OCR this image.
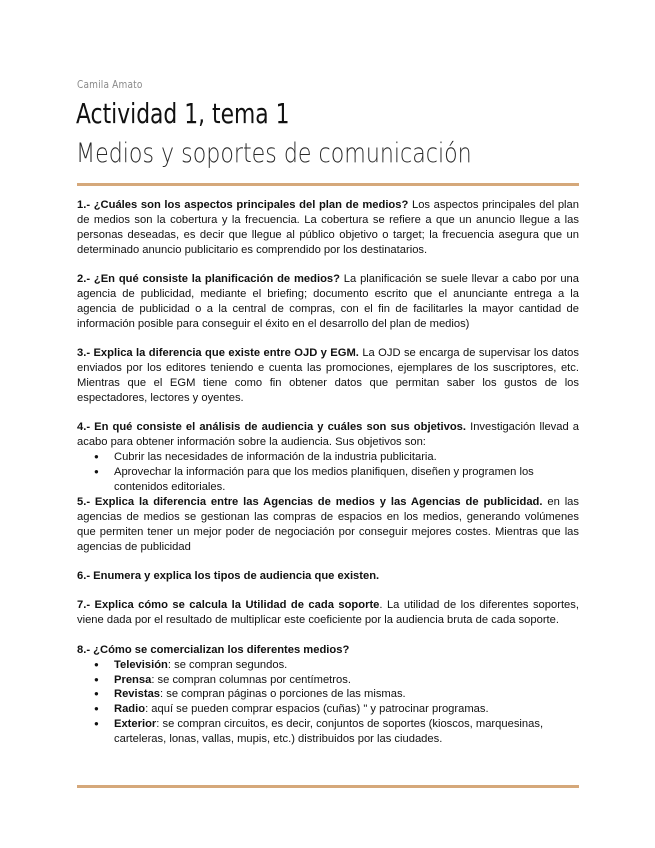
Camila Amato
Actividad 1, tema 1
Medios y soportes de comunicación

1.- ¿Cuáles son los aspectos principales del plan de medios? Los aspectos principales del plan de medios son la cobertura y la frecuencia. La cobertura se refiere a que un anuncio llegue a las personas deseadas, es decir que llegue al público objetivo o target; la frecuencia asegura que un determinado anuncio publicitario es comprendido por los destinatarios.

2.- ¿En qué consiste la planificación de medios? La planificación se suele llevar a cabo por una agencia de publicidad, mediante el briefing; documento escrito que el anunciante entrega a la agencia de publicidad o a la central de compras, con el fin de facilitarles la mayor cantidad de información posible para conseguir el éxito en el desarrollo del plan de medios)

3.- Explica la diferencia que existe entre OJD y EGM. La OJD se encarga de supervisar los datos enviados por los editores teniendo e cuenta las promociones, ejemplares de los suscriptores, etc. Mientras que el EGM tiene como fin obtener datos que permitan saber los gustos de los espectadores, lectores y oyentes.

4.- En qué consiste el análisis de audiencia y cuáles son sus objetivos. Investigación llevad a acabo para obtener información sobre la audiencia. Sus objetivos son:

● Cubrir las necesidades de información de la industria publicitaria.
● Aprovechar la información para que los medios planifiquen, diseñen y programen los contenidos editoriales.

5.- Explica la diferencia entre las Agencias de medios y las Agencias de publicidad. en las agencias de medios se gestionan las compras de espacios en los medios, generando volúmenes que permiten tener un mejor poder de negociación por conseguir mejores costes. Mientras que las agencias de publicidad

6.- Enumera y explica los tipos de audiencia que existen.

7.- Explica cómo se calcula la Utilidad de cada soporte. La utilidad de los diferentes soportes, viene dada por el resultado de multiplicar este coeficiente por la audiencia bruta de cada soporte.

8.- ¿Cómo se comercializan los diferentes medios?

● Televisión: se compran segundos.
● Prensa: se compran columnas por centímetros.
● Revistas: se compran páginas o porciones de las mismas.
● Radio: aquí se pueden comprar espacios (cuñas) " y patrocinar programas.
● Exterior: se compran circuitos, es decir, conjuntos de soportes (kioscos, marquesinas, carteleras, lonas, vallas, mupis, etc.) distribuidos por las ciudades.
